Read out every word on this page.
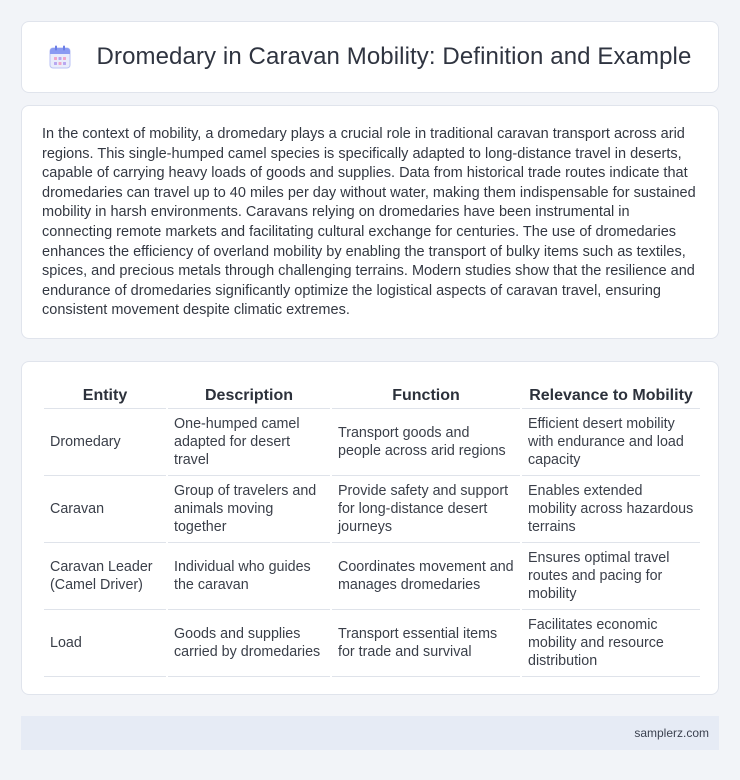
Dromedary in Caravan Mobility: Definition and Example

In the context of mobility, a dromedary plays a crucial role in traditional caravan transport across arid regions. This single-humped camel species is specifically adapted to long-distance travel in deserts, capable of carrying heavy loads of goods and supplies. Data from historical trade routes indicate that dromedaries can travel up to 40 miles per day without water, making them indispensable for sustained mobility in harsh environments. Caravans relying on dromedaries have been instrumental in connecting remote markets and facilitating cultural exchange for centuries. The use of dromedaries enhances the efficiency of overland mobility by enabling the transport of bulky items such as textiles, spices, and precious metals through challenging terrains. Modern studies show that the resilience and endurance of dromedaries significantly optimize the logistical aspects of caravan travel, ensuring consistent movement despite climatic extremes.

Entity	Description	Function	Relevance to Mobility
Dromedary	One-humped camel adapted for desert travel	Transport goods and people across arid regions	Efficient desert mobility with endurance and load capacity
Caravan	Group of travelers and animals moving together	Provide safety and support for long-distance desert journeys	Enables extended mobility across hazardous terrains
Caravan Leader (Camel Driver)	Individual who guides the caravan	Coordinates movement and manages dromedaries	Ensures optimal travel routes and pacing for mobility
Load	Goods and supplies carried by dromedaries	Transport essential items for trade and survival	Facilitates economic mobility and resource distribution
samplerz.com
